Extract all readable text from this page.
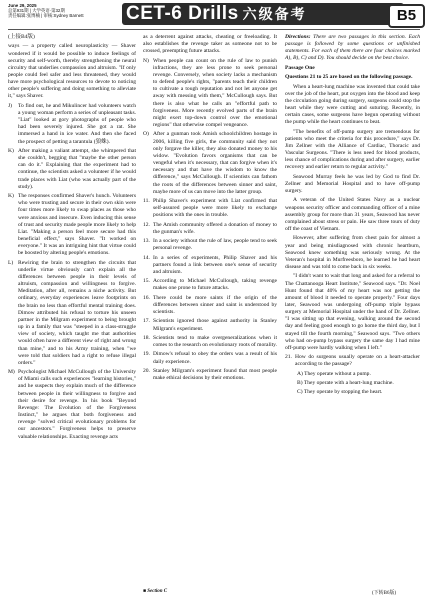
June 29, 2025
总第931期 | 大学英语·第32期
责任编辑:张博楠 | 审核:Sydney Barnett	CET-6 Drills 六级备考	B5

(上接B4版)

ways — a property called neuroplasticity — Shaver wondered if it would be possible to induce feelings of security and self-worth, thereby strengthening the neural circuitry that underlies compassion and altruism. "If only people could feel safer and less threatened, they would have more psychological resources to devote to noticing other people's suffering and doing something to alleviate it," says Shaver.

J)	To find out, he and Mikulincer had volunteers watch a young woman perform a series of unpleasant tasks. "Liat" looked at gory photographs of people who had been severely injured. She got a rat. She immersed a hand in ice water. And then she faced the prospect of petting a tarantula (狼蛛).

K) After making a valiant attempt, she whimpered that she couldn't, begging that "maybe the other person can do it." Explaining that the experiment had to continue, the scientists asked a volunteer if he would trade places with Liat (who was actually part of the study).

K) The responses confirmed Shaver's hunch. Volunteers who were trusting and secure in their own skin were four times more likely to swap places as those who were anxious and insecure. Even inducing this sense of trust and security made people more likely to help Liat. "Making a person feel more secure had this beneficial effect," says Shaver. "It worked on everyone." It was an intriguing hint that virtue could be boosted by altering people's emotions.

L) Rewiring the brain to strengthen the circuits that underlie virtue obviously can't explain all the differences between people in their levels of altruism, compassion and willingness to forgive. Meditation, after all, remains a niche activity. But ordinary, everyday experiences leave footprints on the brain no less than effortful mental training does. Dimow attributed his refusal to torture his unseen partner in the Milgram experiment to being brought up in a family that was "steeped in a class-struggle view of society, which taught me that authorities would often have a different view of right and wrong than mine," and to his Army training, when "we were told that soldiers had a right to refuse illegal orders."

M) Psychologist Michael McCullough of the University of Miami calls such experiences "learning histories," and he suspects they explain much of the difference between people in their willingness to forgive and their desire for revenge. In his book "Beyond Revenge: The Evolution of the Forgiveness Instinct," he argues that both forgiveness and revenge "solved critical evolutionary problems for our ancestors." Forgiveness helps to preserve valuable relationships. Exacting revenge acts

as a deterrent against attacks, cheating or freeloading. It also establishes the revenge taker as someone not to be crossed, preempting future attacks.

N) When people can count on the rule of law to punish infractions, they are less prone to seek personal revenge. Conversely, when society lacks a mechanism to defend people's rights, "parents teach their children to cultivate a tough reputation and not let anyone get away with messing with them," McCullough says. But there is also what he calls an "effortful path to forgiveness. More recently evolved parts of the brain might exert top-down control over the emotional regions" that otherwise compel vengeance.

O) After a gunman took Amish schoolchildren hostage in 2006, killing five girls, the community said they not only forgave the killer, they also donated money to his widow. "Evolution favors organisms that can be vengeful when it's necessary, that can forgive when it's necessary and that have the wisdom to know the difference," says McCullough. If scientists can fathom the roots of the differences between sinner and saint, maybe more of us can move into the latter group.

11. Philip Shaver's experiment with Liat confirmed that self-assured people were more likely to exchange positions with the ones in trouble.

12. The Amish community offered a donation of money to the gunman's wife.

13. In a society without the rule of law, people tend to seek personal revenge.

14. In a series of experiments, Philip Shaver and his partners found a link between one's sense of security and altruism.

15. According to Michael McCullough, taking revenge makes one prone to future attacks.

16. There could be more saints if the origin of the differences between sinner and saint is understood by scientists.

17. Scientists ignored those against authority in Stanley Milgram's experiment.

18. Scientists tend to make overgeneralizations when it comes to the research on evolutionary roots of morality.

19. Dimow's refusal to obey the orders was a result of his daily experience.

20. Stanley Milgram's experiment found that most people make ethical decisions by their emotions.

Directions: There are two passages in this section. Each passage is followed by some questions or unfinished statements. For each of them there are four choices marked A), B), C) and D). You should decide on the best choice.

Passage One

Questions 21 to 25 are based on the following passage.

When a heart-lung machine was invented that could take over the job of the heart, put oxygen into the blood and keep the circulation going during surgery, surgeons could stop the heart while they were cutting and suturing. Recently, in certain cases, some surgeons have begun operating without the pump while the heart continues to beat.

"The benefits of off-pump surgery are tremendous for patients who meet the criteria for this procedure," says Dr. Jim Zellner with the Alliance of Cardiac, Thoracic and Vascular Surgeons. "There is less need for blood products, less chance of complications during and after surgery, earlier recovery and earlier return to regular activity."

Seawood Murray feels he was led by God to find Dr. Zellner and Memorial Hospital and to have off-pump surgery.

A veteran of the United States Navy as a nuclear weapons security officer and commanding officer of a mine assembly group for more than 31 years, Seawood has never complained about stress or pain. He saw three tours of duty off the coast of Vietnam.

However, after suffering from chest pain for almost a year and being misdiagnosed with chronic heartburn, Seawood knew something was seriously wrong. At the Veteran's hospital in Murfreesboro, he learned he had heart disease and was told to come back in six weeks.

"I didn't want to wait that long and asked for a referral to The Chattanooga Heart Institute," Seawood says. "Dr. Noel Hunt found that 40% of my heart was not getting the amount of blood it needed to operate properly." Four days later, Seawood was undergoing off-pump triple bypass surgery at Memorial Hospital under the hand of Dr. Zellner. "I was sitting up that evening, walking around the second day and feeling good enough to go home the third day, but I stayed till the fourth morning," Seawood says. "Two others who had on-pump bypass surgery the same day I had mine off-pump were hardly walking when I left."

21. How do surgeons usually operate on a heart-attacker according to the passage?

A) They operate without a pump.

B) They operate with a heart-lung machine.

C) They operate by stopping the heart.

■ Section C	(下转B6版)
